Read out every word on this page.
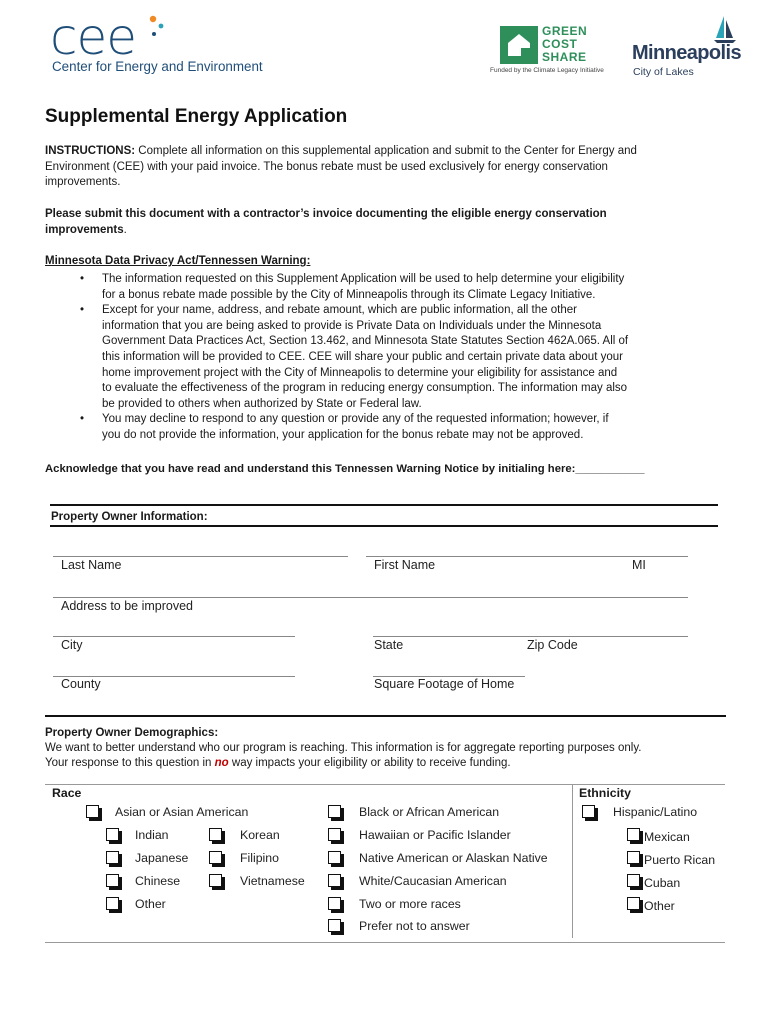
cee
Center for Energy and Environment
GREEN
COST
SHARE
Funded by the Climate Legacy Initiative
Minneapolis
City of Lakes
Supplemental Energy Application
INSTRUCTIONS: Complete all information on this supplemental application and submit to the Center for Energy and
Environment (CEE) with your paid invoice. The bonus rebate must be used exclusively for energy conservation
improvements.
Please submit this document with a contractor’s invoice documenting the eligible energy conservation
improvements.
Minnesota Data Privacy Act/Tennessen Warning:
• The information requested on this Supplement Application will be used to help determine your eligibility
for a bonus rebate made possible by the City of Minneapolis through its Climate Legacy Initiative.
• Except for your name, address, and rebate amount, which are public information, all the other
information that you are being asked to provide is Private Data on Individuals under the Minnesota
Government Data Practices Act, Section 13.462, and Minnesota State Statutes Section 462A.065. All of
this information will be provided to CEE. CEE will share your public and certain private data about your
home improvement project with the City of Minneapolis to determine your eligibility for assistance and
to evaluate the effectiveness of the program in reducing energy consumption. The information may also
be provided to others when authorized by State or Federal law.
• You may decline to respond to any question or provide any of the requested information; however, if
you do not provide the information, your application for the bonus rebate may not be approved.
Acknowledge that you have read and understand this Tennessen Warning Notice by initialing here:___________
Property Owner Information:
Last Name	First Name	MI
Address to be improved
City	State	Zip Code
County	Square Footage of Home
Property Owner Demographics:
We want to better understand who our program is reaching. This information is for aggregate reporting purposes only.
Your response to this question in no way impacts your eligibility or ability to receive funding.
Race	Ethnicity
Asian or Asian American
Indian	Korean
Japanese	Filipino
Chinese	Vietnamese
Other
Black or African American
Hawaiian or Pacific Islander
Native American or Alaskan Native
White/Caucasian American
Two or more races
Prefer not to answer
Hispanic/Latino
Mexican
Puerto Rican
Cuban
Other
